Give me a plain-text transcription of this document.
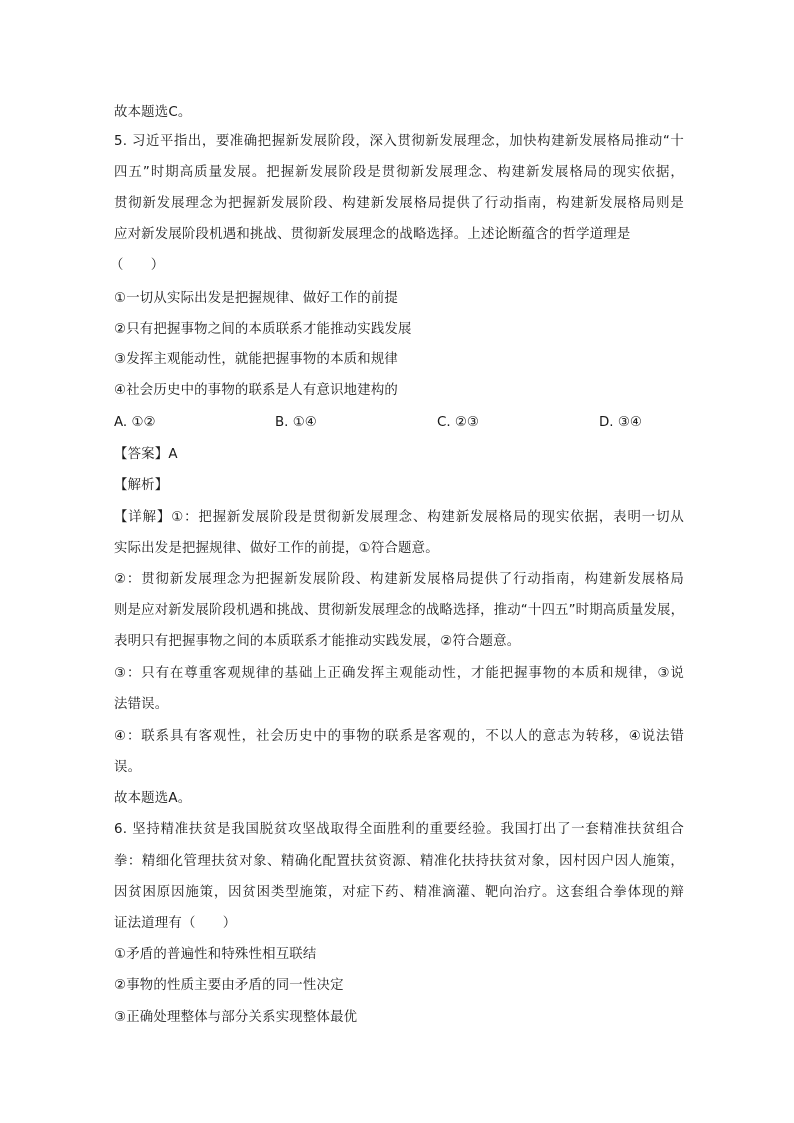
故本题选C。
5. 习近平指出，要准确把握新发展阶段，深入贯彻新发展理念，加快构建新发展格局推动“十
四五”时期高质量发展。把握新发展阶段是贯彻新发展理念、构建新发展格局的现实依据，
贯彻新发展理念为把握新发展阶段、构建新发展格局提供了行动指南，构建新发展格局则是
应对新发展阶段机遇和挑战、贯彻新发展理念的战略选择。上述论断蕴含的哲学道理是
（　　）
①一切从实际出发是把握规律、做好工作的前提
②只有把握事物之间的本质联系才能推动实践发展
③发挥主观能动性，就能把握事物的本质和规律
④社会历史中的事物的联系是人有意识地建构的
A. ①②	B. ①④	C. ②③	D. ③④
【答案】A
【解析】
【详解】①：把握新发展阶段是贯彻新发展理念、构建新发展格局的现实依据，表明一切从
实际出发是把握规律、做好工作的前提，①符合题意。
②：贯彻新发展理念为把握新发展阶段、构建新发展格局提供了行动指南，构建新发展格局
则是应对新发展阶段机遇和挑战、贯彻新发展理念的战略选择，推动“十四五”时期高质量发展，
表明只有把握事物之间的本质联系才能推动实践发展，②符合题意。
③：只有在尊重客观规律的基础上正确发挥主观能动性，才能把握事物的本质和规律，③说
法错误。
④：联系具有客观性，社会历史中的事物的联系是客观的，不以人的意志为转移，④说法错
误。
故本题选A。
6. 坚持精准扶贫是我国脱贫攻坚战取得全面胜利的重要经验。我国打出了一套精准扶贫组合
拳：精细化管理扶贫对象、精确化配置扶贫资源、精准化扶持扶贫对象，因村因户因人施策，
因贫困原因施策，因贫困类型施策，对症下药、精准滴灌、靶向治疗。这套组合拳体现的辩
证法道理有（　　）
①矛盾的普遍性和特殊性相互联结
②事物的性质主要由矛盾的同一性决定
③正确处理整体与部分关系实现整体最优
